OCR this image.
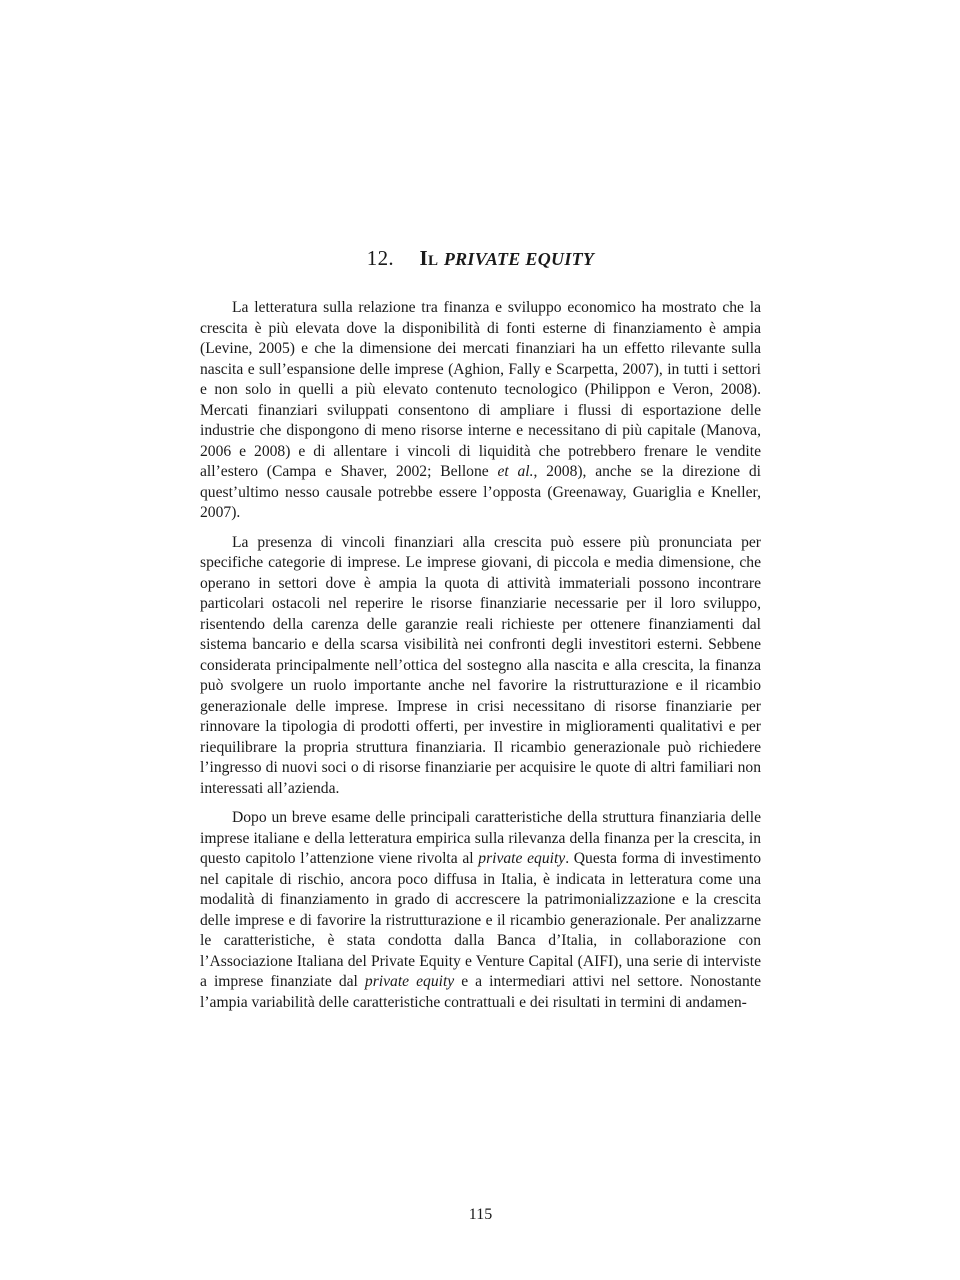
12. Il PRIVATE EQUITY

La letteratura sulla relazione tra finanza e sviluppo economico ha mostrato che la crescita è più elevata dove la disponibilità di fonti esterne di finanziamento è ampia (Levine, 2005) e che la dimensione dei mercati finanziari ha un effetto rilevante sulla nascita e sull’espansione delle imprese (Aghion, Fally e Scarpetta, 2007), in tutti i settori e non solo in quelli a più elevato contenuto tecnologico (Philippon e Veron, 2008). Mercati finanziari sviluppati consentono di ampliare i flussi di esportazione delle industrie che dispongono di meno risorse interne e necessitano di più capitale (Manova, 2006 e 2008) e di allentare i vincoli di liquidità che potrebbero frenare le vendite all’estero (Campa e Shaver, 2002; Bellone et al., 2008), anche se la direzione di quest’ultimo nesso causale potrebbe essere l’opposta (Greenaway, Guariglia e Kneller, 2007).

La presenza di vincoli finanziari alla crescita può essere più pronunciata per specifiche categorie di imprese. Le imprese giovani, di piccola e media dimensione, che operano in settori dove è ampia la quota di attività immateriali possono incontrare particolari ostacoli nel reperire le risorse finanziarie necessarie per il loro sviluppo, risentendo della carenza delle garanzie reali richieste per ottenere finanziamenti dal sistema bancario e della scarsa visibilità nei confronti degli investitori esterni. Sebbene considerata principalmente nell’ottica del sostegno alla nascita e alla crescita, la finanza può svolgere un ruolo importante anche nel favorire la ristrutturazione e il ricambio generazionale delle imprese. Imprese in crisi necessitano di risorse finanziarie per rinnovare la tipologia di prodotti offerti, per investire in miglioramenti qualitativi e per riequilibrare la propria struttura finanziaria. Il ricambio generazionale può richiedere l’ingresso di nuovi soci o di risorse finanziarie per acquisire le quote di altri familiari non interessati all’azienda.

Dopo un breve esame delle principali caratteristiche della struttura finanziaria delle imprese italiane e della letteratura empirica sulla rilevanza della finanza per la crescita, in questo capitolo l’attenzione viene rivolta al private equity. Questa forma di investimento nel capitale di rischio, ancora poco diffusa in Italia, è indicata in letteratura come una modalità di finanziamento in grado di accrescere la patrimonializzazione e la crescita delle imprese e di favorire la ristrutturazione e il ricambio generazionale. Per analizzarne le caratteristiche, è stata condotta dalla Banca d’Italia, in collaborazione con l’Associazione Italiana del Private Equity e Venture Capital (AIFI), una serie di interviste a imprese finanziate dal private equity e a intermediari attivi nel settore. Nonostante l’ampia variabilità delle caratteristiche contrattuali e dei risultati in termini di andamen-

115
